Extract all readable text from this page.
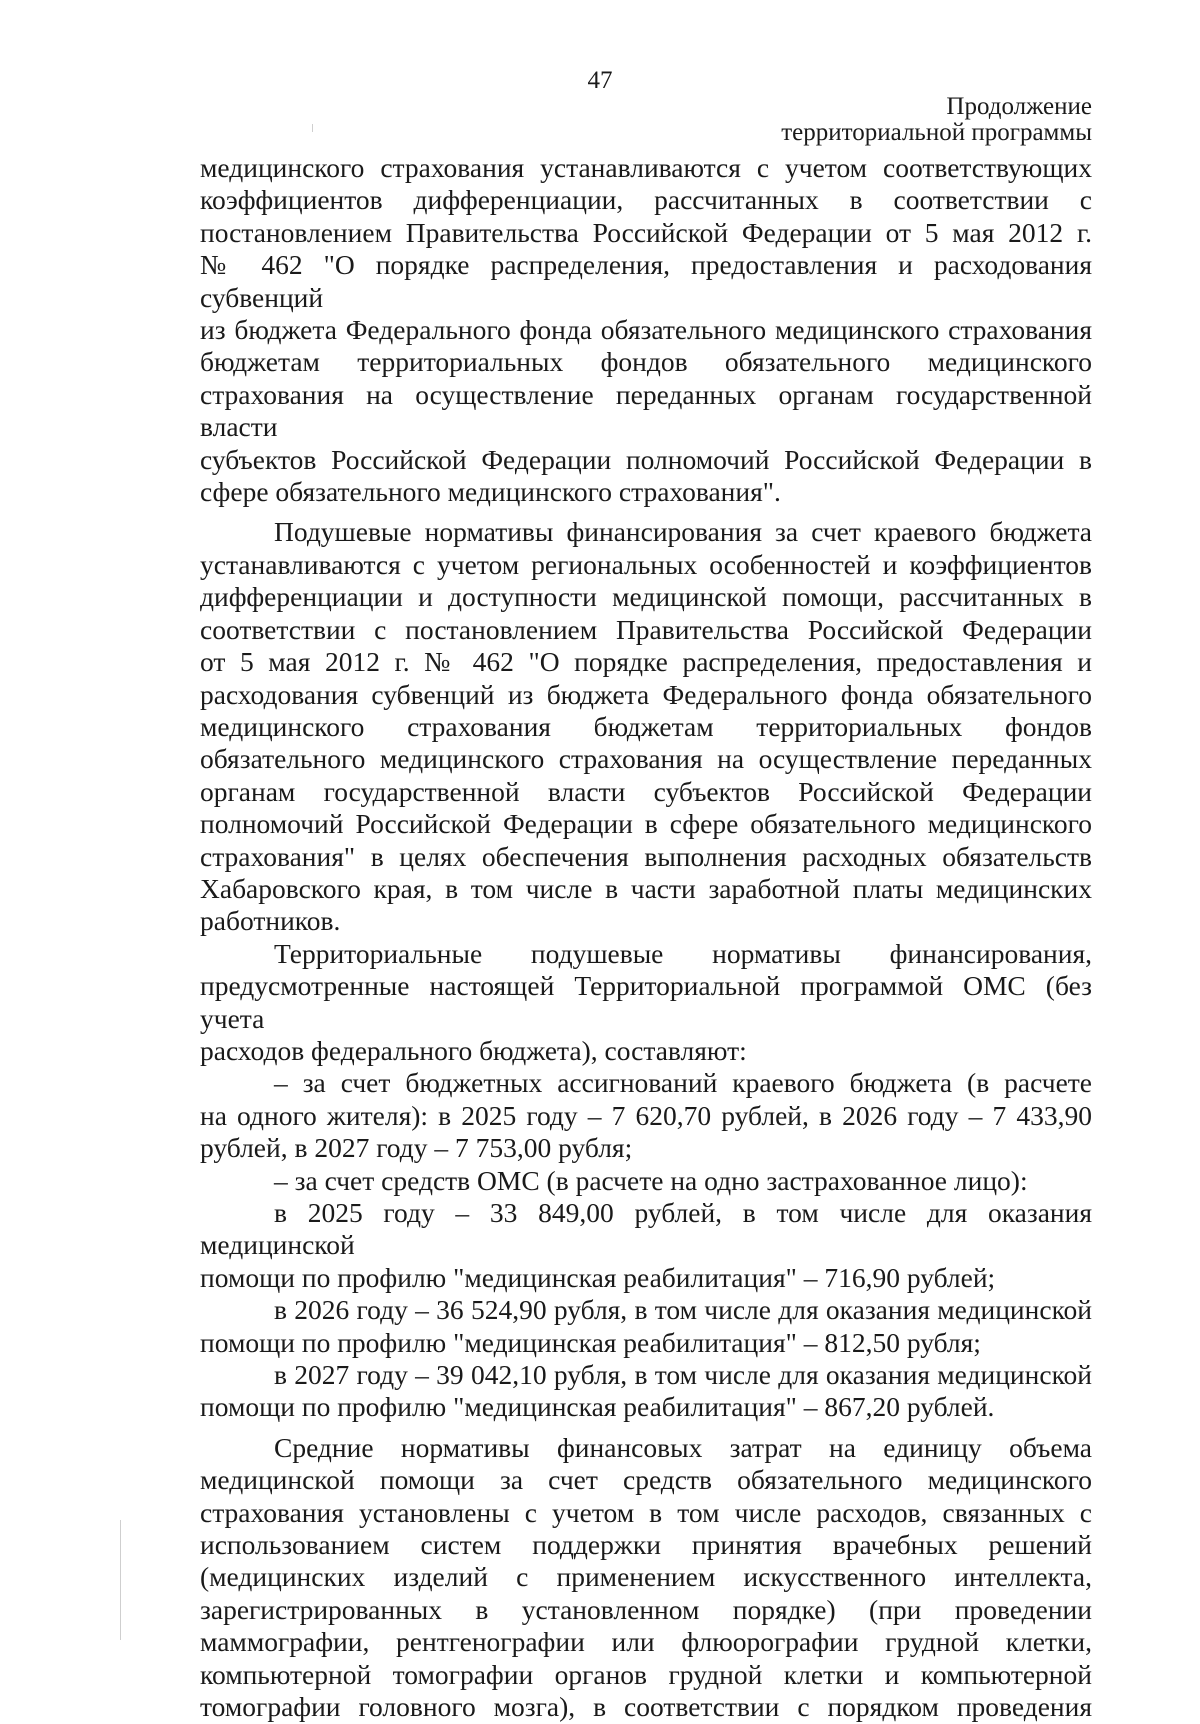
47
Продолжение
территориальной программы

медицинского страхования устанавливаются с учетом соответствующих

коэффициентов дифференциации, рассчитанных в соответствии с

постановлением Правительства Российской Федерации от 5 мая 2012 г.

№ 462 "О порядке распределения, предоставления и расходования субвенций

из бюджета Федерального фонда обязательного медицинского страхования

бюджетам территориальных фондов обязательного медицинского

страхования на осуществление переданных органам государственной власти

субъектов Российской Федерации полномочий Российской Федерации в

сфере обязательного медицинского страхования".

Подушевые нормативы финансирования за счет краевого бюджета

устанавливаются с учетом региональных особенностей и коэффициентов

дифференциации и доступности медицинской помощи, рассчитанных в

соответствии с постановлением Правительства Российской Федерации

от 5 мая 2012 г. № 462 "О порядке распределения, предоставления и

расходования субвенций из бюджета Федерального фонда обязательного

медицинского страхования бюджетам территориальных фондов

обязательного медицинского страхования на осуществление переданных

органам государственной власти субъектов Российской Федерации

полномочий Российской Федерации в сфере обязательного медицинского

страхования" в целях обеспечения выполнения расходных обязательств

Хабаровского края, в том числе в части заработной платы медицинских

работников.

Территориальные подушевые нормативы финансирования,

предусмотренные настоящей Территориальной программой ОМС (без учета

расходов федерального бюджета), составляют:

– за счет бюджетных ассигнований краевого бюджета (в расчете

на одного жителя): в 2025 году – 7 620,70 рублей, в 2026 году – 7 433,90

рублей, в 2027 году – 7 753,00 рубля;

– за счет средств ОМС (в расчете на одно застрахованное лицо):

в 2025 году – 33 849,00 рублей, в том числе для оказания медицинской

помощи по профилю "медицинская реабилитация" – 716,90 рублей;

в 2026 году – 36 524,90 рубля, в том числе для оказания медицинской

помощи по профилю "медицинская реабилитация" – 812,50 рубля;

в 2027 году – 39 042,10 рубля, в том числе для оказания медицинской

помощи по профилю "медицинская реабилитация" – 867,20 рублей.

Средние нормативы финансовых затрат на единицу объема

медицинской помощи за счет средств обязательного медицинского

страхования установлены с учетом в том числе расходов, связанных с

использованием систем поддержки принятия врачебных решений

(медицинских изделий с применением искусственного интеллекта,

зарегистрированных в установленном порядке) (при проведении

маммографии, рентгенографии или флюорографии грудной клетки,

компьютерной томографии органов грудной клетки и компьютерной

томографии головного мозга), в соответствии с порядком проведения
